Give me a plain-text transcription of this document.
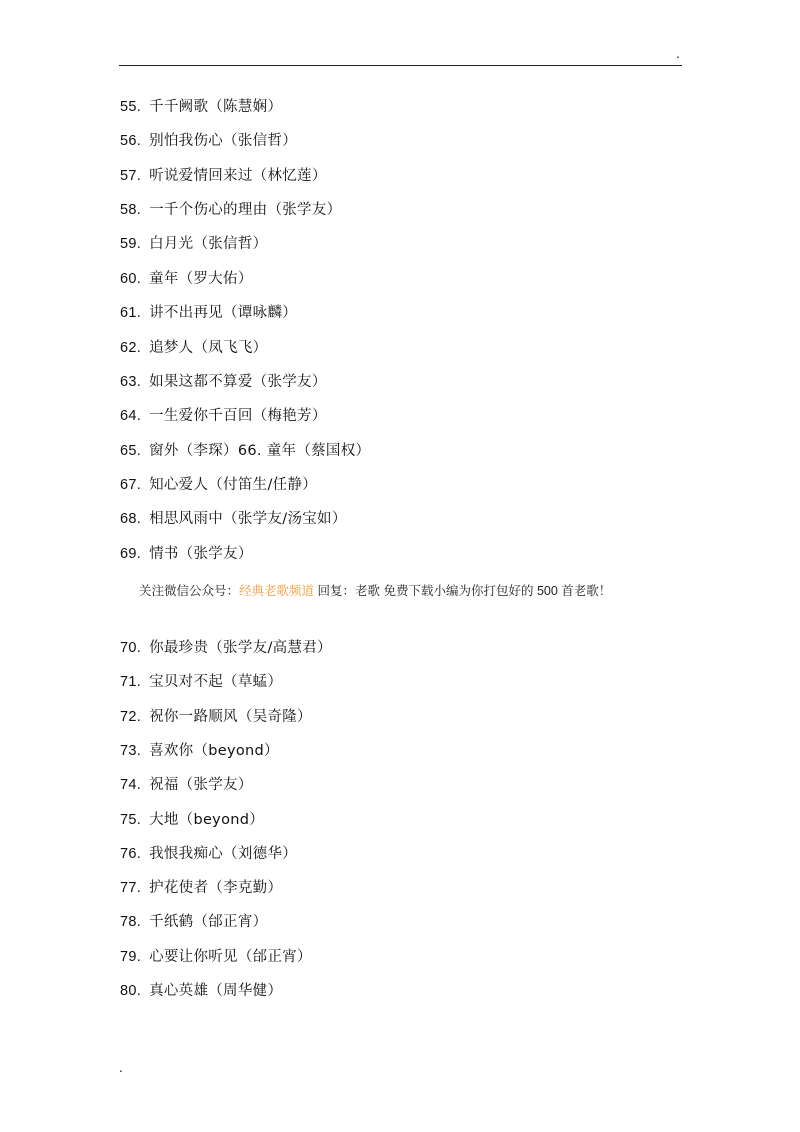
.
55. 千千阙歌（陈慧娴）
56. 别怕我伤心（张信哲）
57. 听说爱情回来过（林忆莲）
58. 一千个伤心的理由（张学友）
59. 白月光（张信哲）
60. 童年（罗大佑）
61. 讲不出再见（谭咏麟）
62. 追梦人（凤飞飞）
63. 如果这都不算爱（张学友）
64. 一生爱你千百回（梅艳芳）
65. 窗外（李琛）66. 童年（蔡国权）
67. 知心爱人（付笛生/任静）
68. 相思风雨中（张学友/汤宝如）
69. 情书（张学友）
70. 你最珍贵（张学友/高慧君）
71. 宝贝对不起（草蜢）
72. 祝你一路顺风（吴奇隆）
73. 喜欢你（beyond）
74. 祝福（张学友）
75. 大地（beyond）
76. 我恨我痴心（刘德华）
77. 护花使者（李克勤）
78. 千纸鹤（邰正宵）
79. 心要让你听见（邰正宵）
80. 真心英雄（周华健）
关注微信公众号：经典老歌频道 回复：老歌 免费下载小编为你打包好的 500 首老歌！
.
